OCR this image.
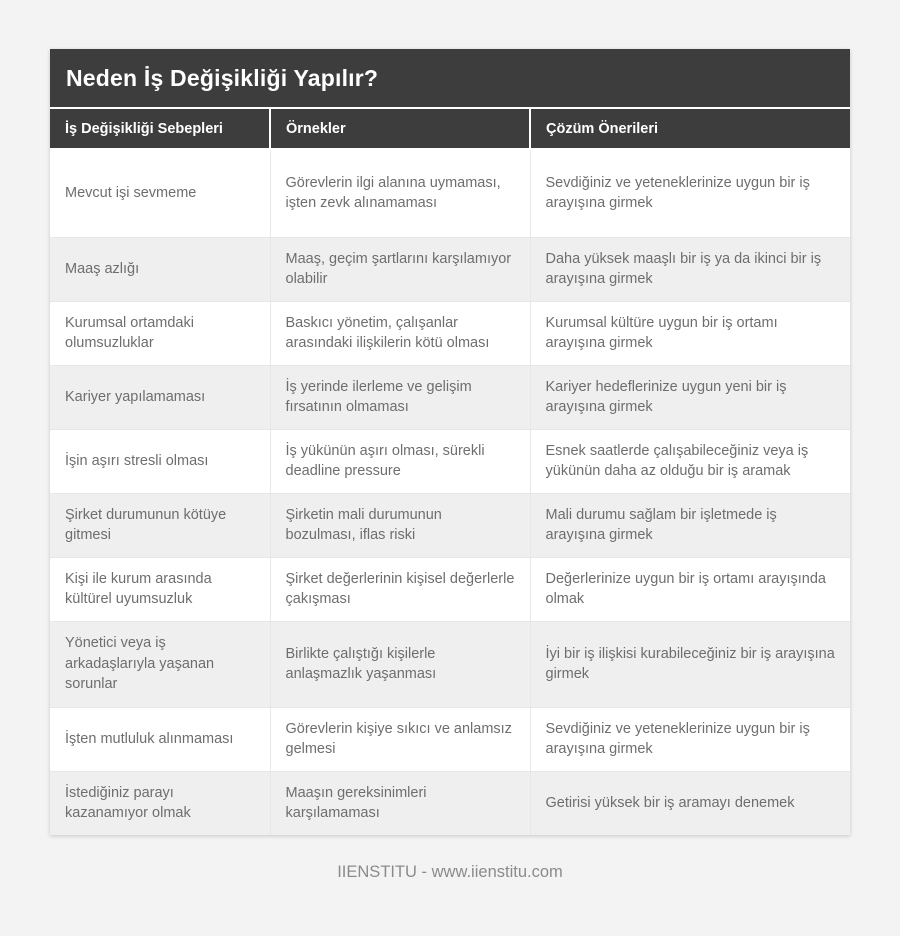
Neden İş Değişikliği Yapılır?
İş Değişikliği Sebepleri	Örnekler	Çözüm Önerileri
Mevcut işi sevmeme	Görevlerin ilgi alanına uymaması, işten zevk alınamaması	Sevdiğiniz ve yeteneklerinize uygun bir iş arayışına girmek
Maaş azlığı	Maaş, geçim şartlarını karşılamıyor olabilir	Daha yüksek maaşlı bir iş ya da ikinci bir iş arayışına girmek
Kurumsal ortamdaki olumsuzluklar	Baskıcı yönetim, çalışanlar arasındaki ilişkilerin kötü olması	Kurumsal kültüre uygun bir iş ortamı arayışına girmek
Kariyer yapılamaması	İş yerinde ilerleme ve gelişim fırsatının olmaması	Kariyer hedeflerinize uygun yeni bir iş arayışına girmek
İşin aşırı stresli olması	İş yükünün aşırı olması, sürekli deadline pressure	Esnek saatlerde çalışabileceğiniz veya iş yükünün daha az olduğu bir iş aramak
Şirket durumunun kötüye gitmesi	Şirketin mali durumunun bozulması, iflas riski	Mali durumu sağlam bir işletmede iş arayışına girmek
Kişi ile kurum arasında kültürel uyumsuzluk	Şirket değerlerinin kişisel değerlerle çakışması	Değerlerinize uygun bir iş ortamı arayışında olmak
Yönetici veya iş arkadaşlarıyla yaşanan sorunlar	Birlikte çalıştığı kişilerle anlaşmazlık yaşanması	İyi bir iş ilişkisi kurabileceğiniz bir iş arayışına girmek
İşten mutluluk alınmaması	Görevlerin kişiye sıkıcı ve anlamsız gelmesi	Sevdiğiniz ve yeteneklerinize uygun bir iş arayışına girmek
İstediğiniz parayı kazanamıyor olmak	Maaşın gereksinimleri karşılamaması	Getirisi yüksek bir iş aramayı denemek
IIENSTITU - www.iienstitu.com
